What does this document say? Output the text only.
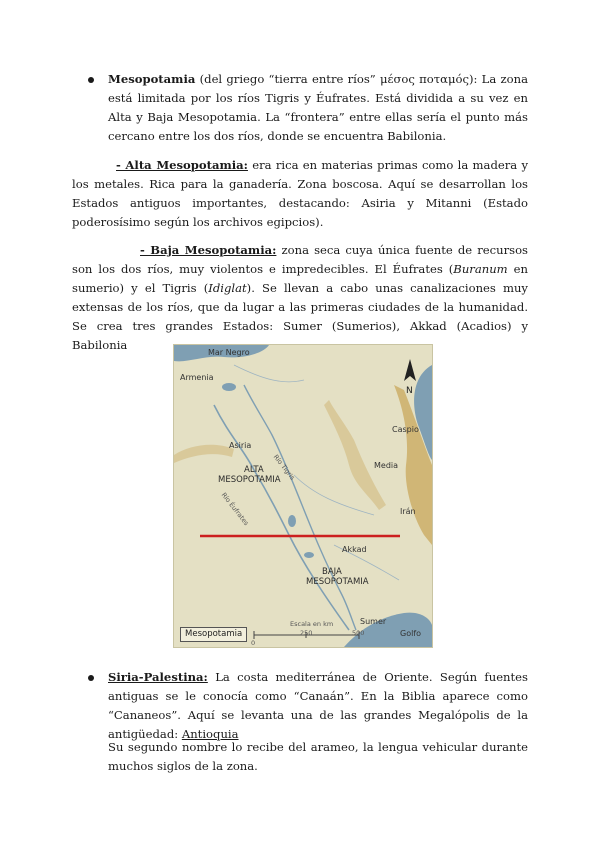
Mesopotamia (del griego “tierra entre ríos” μέσος ποταμός): La zona está limitada por los ríos Tigris y Éufrates. Está dividida a su vez en Alta y Baja Mesopotamia. La “frontera” entre ellas sería el punto más cercano entre los dos ríos, donde se encuentra Babilonia.
- Alta Mesopotamia: era rica en materias primas como la madera y los metales. Rica para la ganadería. Zona boscosa. Aquí se desarrollan los Estados antiguos importantes, destacando: Asiria y Mitanni (Estado poderosísimo según los archivos egipcios).
- Baja Mesopotamia: zona seca cuya única fuente de recursos son los dos ríos, muy violentos e impredecibles. El Éufrates (Buranum en sumerio) y el Tigris (Idiglat). Se llevan a cabo unas canalizaciones muy extensas de los ríos, que da lugar a las primeras ciudades de la humanidad. Se crea tres grandes Estados: Sumer (Sumerios), Akkad (Acadios) y Babilonia
N
Mar Negro
Armenia
Caspio
Asiria
Río Tigris
ALTA
MESOPOTAMIA
Río Éufrates
Media
Irán
Akkad
BAJA
MESOPOTAMIA
Sumer
Golfo
Escala en km
0
250	500
Mesopotamia
Siria-Palestina: La costa mediterránea de Oriente. Según fuentes antiguas se le conocía como “Canaán”. En la Biblia aparece como “Cananeos”. Aquí se levanta una de las grandes Megalópolis de la antigüedad: Antioquia
Su segundo nombre lo recibe del arameo, la lengua vehicular durante muchos siglos de la zona.
